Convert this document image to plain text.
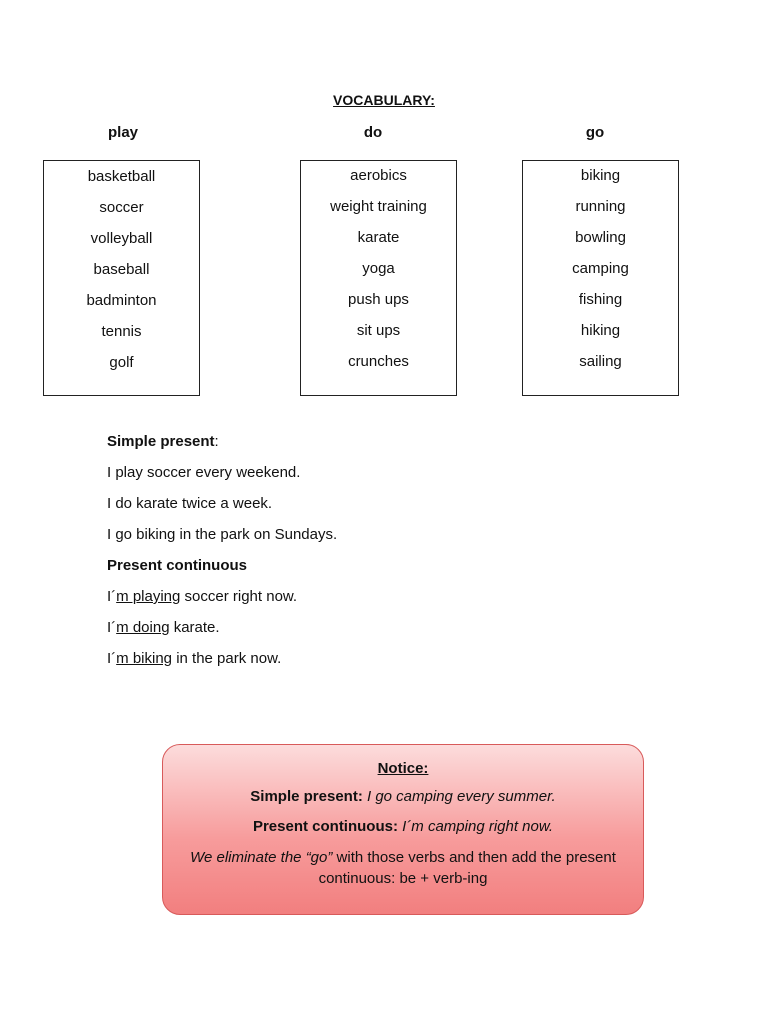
VOCABULARY:
play	do	go
basketball
soccer
volleyball
baseball
badminton
tennis
golf
aerobics
weight training
karate
yoga
push ups
sit ups
crunches
biking
running
bowling
camping
fishing
hiking
sailing

Simple present:

I play soccer every weekend.

I do karate twice a week.

I go biking in the park on Sundays.

Present continuous

I´m playing soccer right now.

I´m doing karate.

I´m biking in the park now.

Notice:
Simple present: I go camping every summer.
Present continuous: I´m camping right now.
We eliminate the “go” with those verbs and then add the present continuous: be + verb-ing
